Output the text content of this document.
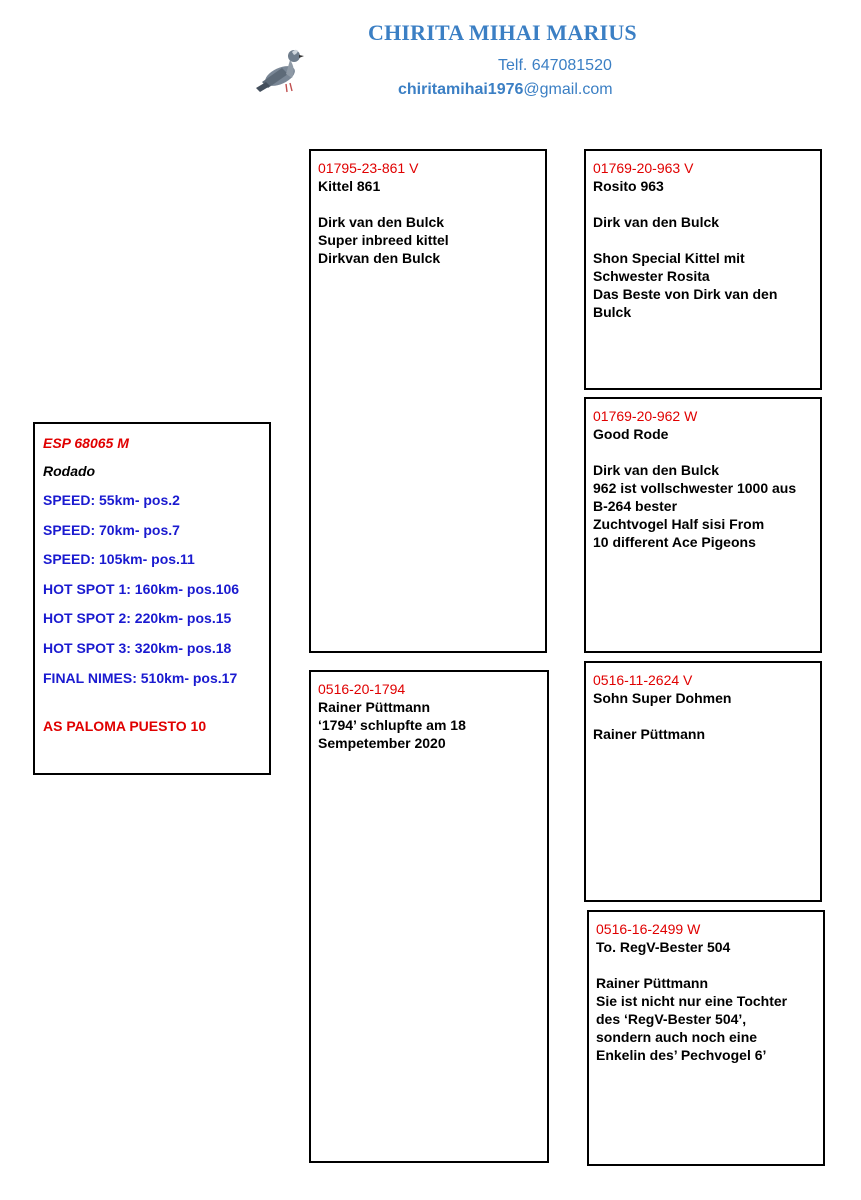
CHIRITA MIHAI MARIUS
Telf. 647081520
chiritamihai1976@gmail.com

ESP 68065 M

Rodado

SPEED: 55km- pos.2

SPEED: 70km- pos.7

SPEED: 105km- pos.11

HOT SPOT 1: 160km- pos.106

HOT SPOT 2: 220km- pos.15

HOT SPOT 3: 320km- pos.18

FINAL NIMES: 510km- pos.17

AS PALOMA PUESTO 10

01795-23-861 V

Kittel 861

Dirk van den Bulck

Super inbreed kittel

Dirkvan den Bulck

0516-20-1794

Rainer Püttmann

‘1794’ schlupfte am 18

Sempetember 2020

01769-20-963 V

Rosito 963

Dirk van den Bulck

Shon Special Kittel mit

Schwester Rosita

Das Beste von Dirk van den

Bulck

01769-20-962 W

Good Rode

Dirk van den Bulck

962 ist vollschwester 1000 aus

B-264 bester

Zuchtvogel Half sisi From

10 different Ace Pigeons

0516-11-2624 V

Sohn Super Dohmen

Rainer Püttmann

0516-16-2499 W

To. RegV-Bester 504

Rainer Püttmann

Sie ist nicht nur eine Tochter

des ‘RegV-Bester 504’,

sondern auch noch eine

Enkelin des’ Pechvogel 6’
